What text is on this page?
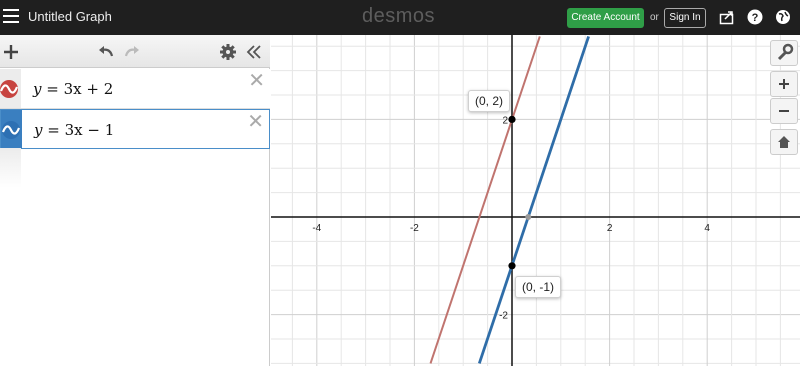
Untitled Graph	desmos	Create Account	or	Sign In	?
y = 3x + 2	✕
y = 3x − 1	✕
-4	-2	2	4
2
-2
(0, 2)
(0, -1)
